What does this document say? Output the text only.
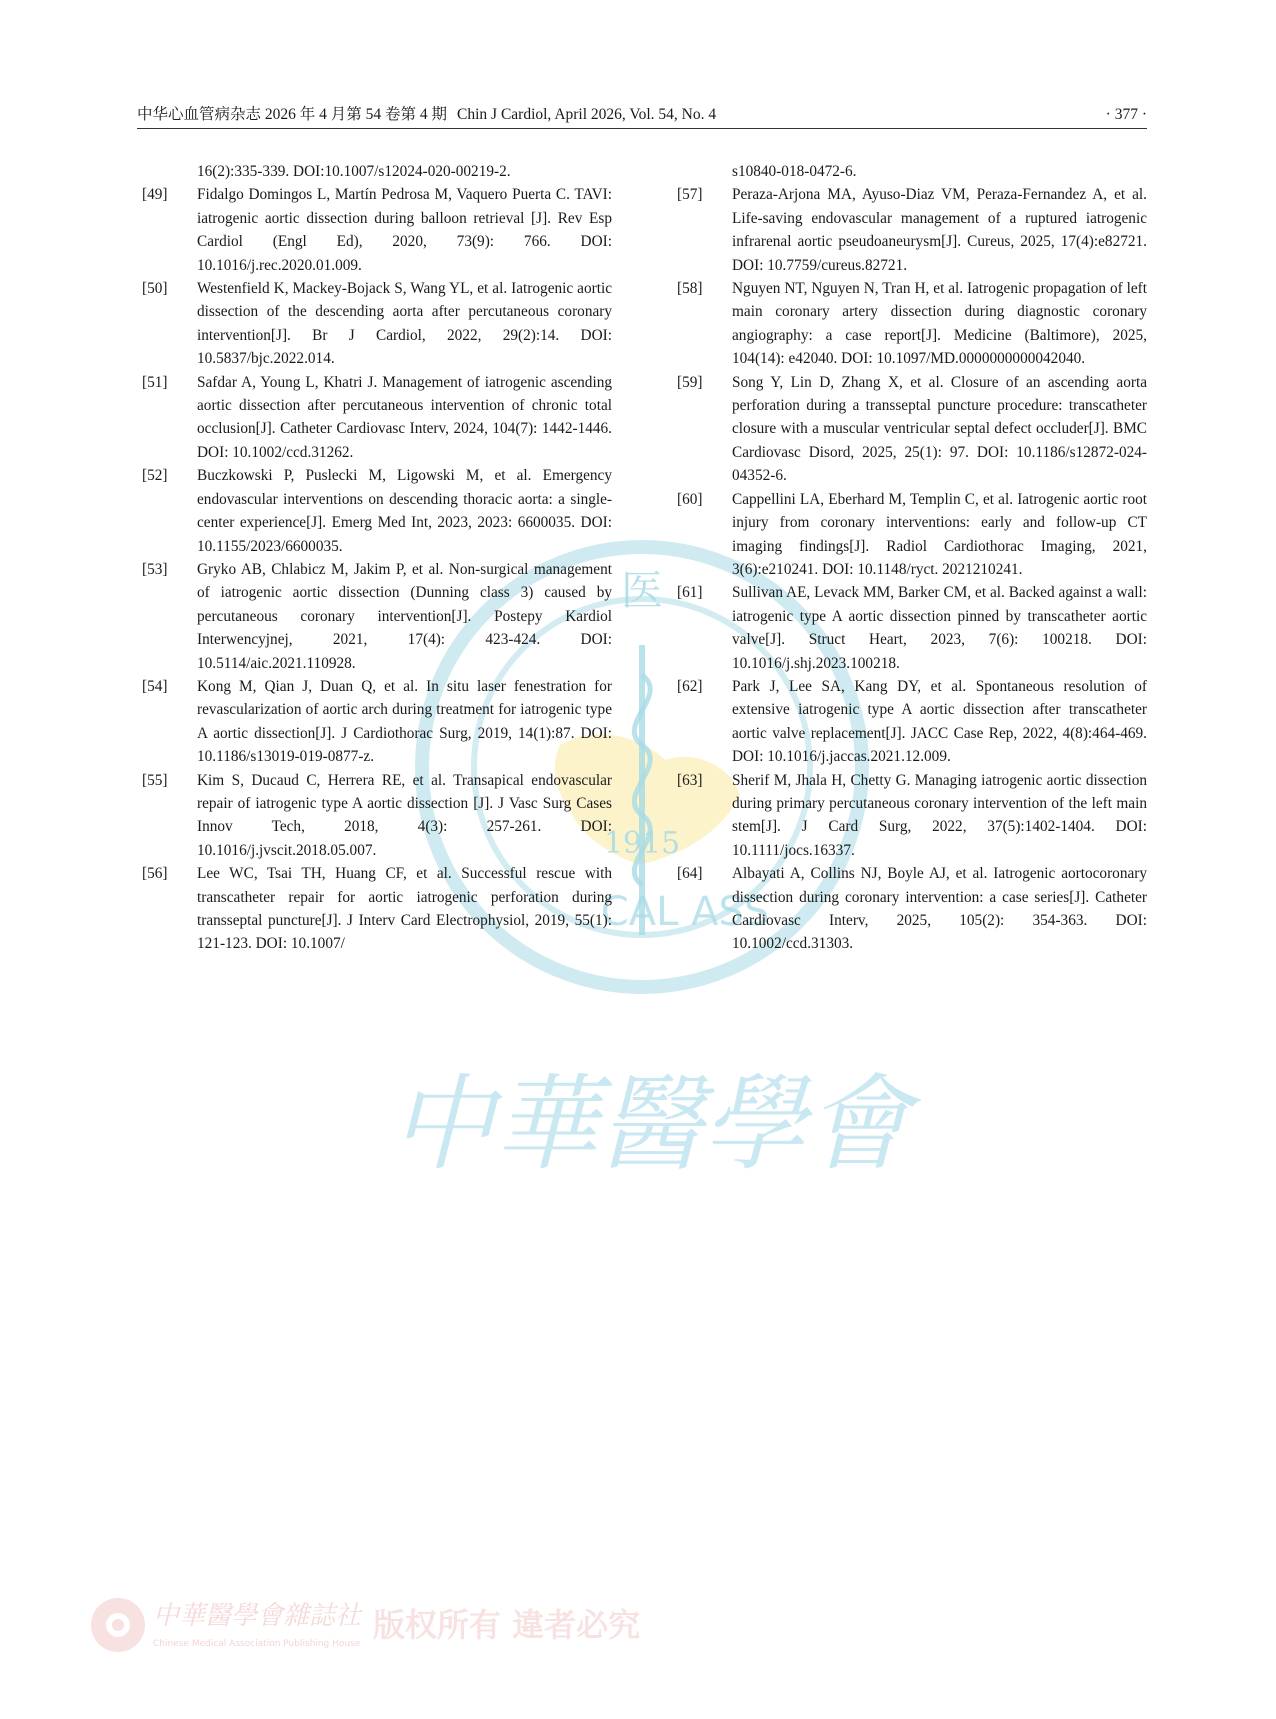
中华心血管病杂志 2026 年 4 月第 54 卷第 4 期 Chin J Cardiol, April 2026, Vol. 54, No. 4	· 377 ·
医
1915
CAL ASS
中華醫學會
中華醫學會雜誌社
Chinese Medical Association Publishing House 版权所有 違者必究
16(2):335-339. DOI:10.1007/s12024-020-00219-2.
[49] Fidalgo Domingos L, Martín Pedrosa M, Vaquero Puerta C. TAVI: iatrogenic aortic dissection during balloon retrieval [J]. Rev Esp Cardiol (Engl Ed), 2020, 73(9): 766. DOI: 10.1016/j.rec.2020.01.009.
[50] Westenfield K, Mackey-Bojack S, Wang YL, et al. Iatrogenic aortic dissection of the descending aorta after percutaneous coronary intervention[J]. Br J Cardiol, 2022, 29(2):14. DOI: 10.5837/bjc.2022.014.
[51] Safdar A, Young L, Khatri J. Management of iatrogenic ascending aortic dissection after percutaneous intervention of chronic total occlusion[J]. Catheter Cardiovasc Interv, 2024, 104(7): 1442-1446. DOI: 10.1002/ccd.31262.
[52] Buczkowski P, Puslecki M, Ligowski M, et al. Emergency endovascular interventions on descending thoracic aorta: a single-center experience[J]. Emerg Med Int, 2023, 2023: 6600035. DOI: 10.1155/2023/6600035.
[53] Gryko AB, Chlabicz M, Jakim P, et al. Non-surgical management of iatrogenic aortic dissection (Dunning class 3) caused by percutaneous coronary intervention[J]. Postepy Kardiol Interwencyjnej, 2021, 17(4): 423-424. DOI: 10.5114/aic.2021.110928.
[54] Kong M, Qian J, Duan Q, et al. In situ laser fenestration for revascularization of aortic arch during treatment for iatrogenic type A aortic dissection[J]. J Cardiothorac Surg, 2019, 14(1):87. DOI: 10.1186/s13019-019-0877-z.
[55] Kim S, Ducaud C, Herrera RE, et al. Transapical endovascular repair of iatrogenic type A aortic dissection [J]. J Vasc Surg Cases Innov Tech, 2018, 4(3): 257-261. DOI: 10.1016/j.jvscit.2018.05.007.
[56] Lee WC, Tsai TH, Huang CF, et al. Successful rescue with transcatheter repair for aortic iatrogenic perforation during transseptal puncture[J]. J Interv Card Electrophysiol, 2019, 55(1): 121-123. DOI: 10.1007/
s10840-018-0472-6.
[57] Peraza-Arjona MA, Ayuso-Diaz VM, Peraza-Fernandez A, et al. Life-saving endovascular management of a ruptured iatrogenic infrarenal aortic pseudoaneurysm[J]. Cureus, 2025, 17(4):e82721. DOI: 10.7759/cureus.82721.
[58] Nguyen NT, Nguyen N, Tran H, et al. Iatrogenic propagation of left main coronary artery dissection during diagnostic coronary angiography: a case report[J]. Medicine (Baltimore), 2025, 104(14): e42040. DOI: 10.1097/MD.0000000000042040.
[59] Song Y, Lin D, Zhang X, et al. Closure of an ascending aorta perforation during a transseptal puncture procedure: transcatheter closure with a muscular ventricular septal defect occluder[J]. BMC Cardiovasc Disord, 2025, 25(1): 97. DOI: 10.1186/s12872-024-04352-6.
[60] Cappellini LA, Eberhard M, Templin C, et al. Iatrogenic aortic root injury from coronary interventions: early and follow-up CT imaging findings[J]. Radiol Cardiothorac Imaging, 2021, 3(6):e210241. DOI: 10.1148/ryct. 2021210241.
[61] Sullivan AE, Levack MM, Barker CM, et al. Backed against a wall: iatrogenic type A aortic dissection pinned by transcatheter aortic valve[J]. Struct Heart, 2023, 7(6): 100218. DOI: 10.1016/j.shj.2023.100218.
[62] Park J, Lee SA, Kang DY, et al. Spontaneous resolution of extensive iatrogenic type A aortic dissection after transcatheter aortic valve replacement[J]. JACC Case Rep, 2022, 4(8):464-469. DOI: 10.1016/j.jaccas.2021.12.009.
[63] Sherif M, Jhala H, Chetty G. Managing iatrogenic aortic dissection during primary percutaneous coronary intervention of the left main stem[J]. J Card Surg, 2022, 37(5):1402-1404. DOI: 10.1111/jocs.16337.
[64] Albayati A, Collins NJ, Boyle AJ, et al. Iatrogenic aortocoronary dissection during coronary intervention: a case series[J]. Catheter Cardiovasc Interv, 2025, 105(2): 354-363. DOI: 10.1002/ccd.31303.
